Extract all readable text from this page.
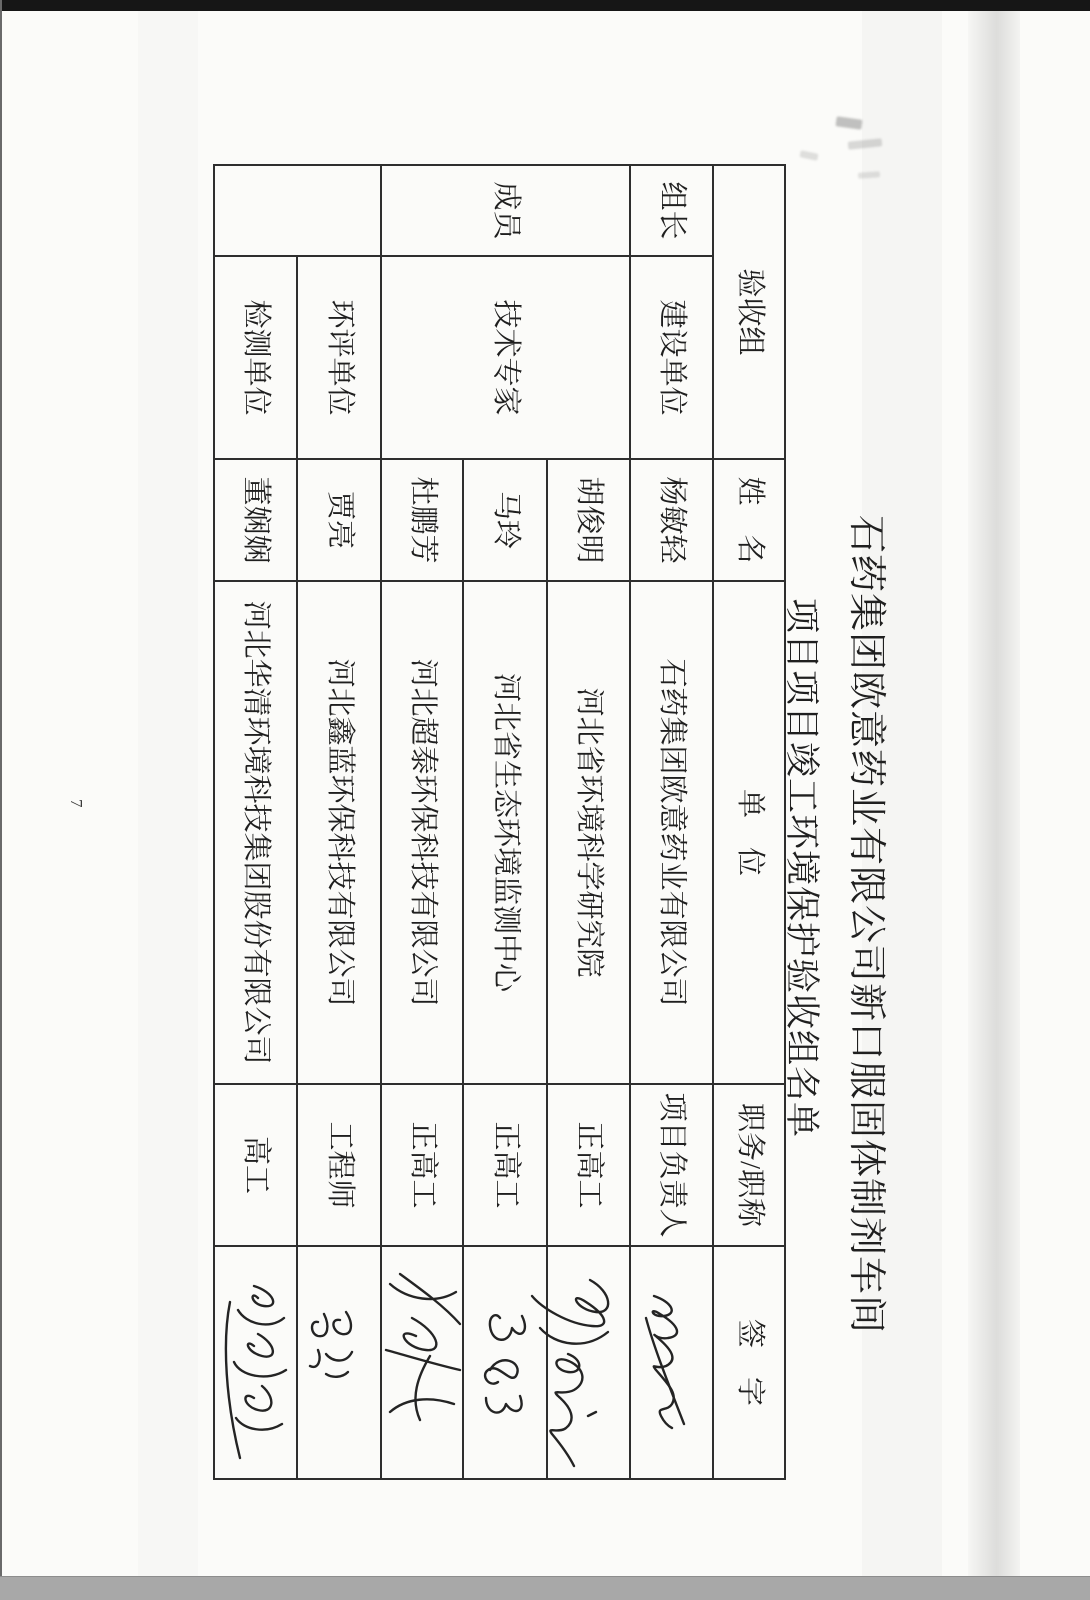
石药集团欧意药业有限公司新口服固体制剂车间
项目项目竣工环境保护验收组名单
验收组		姓　名	单　位	职务/职称	签　字
组长	建设单位	杨敏轻	石药集团欧意药业有限公司	项目负责人	
成员	技术专家	胡俊明	河北省环境科学研究院	正高工	
		马玲	河北省生态环境监测中心	正高工	
		杜鹏芳	河北超泰环保科技有限公司	正高工	
	环评单位	贾亮	河北鑫蓝环保科技有限公司	工程师	
	检测单位	董娴娴	河北华清环境科技集团股份有限公司	高工	
7
